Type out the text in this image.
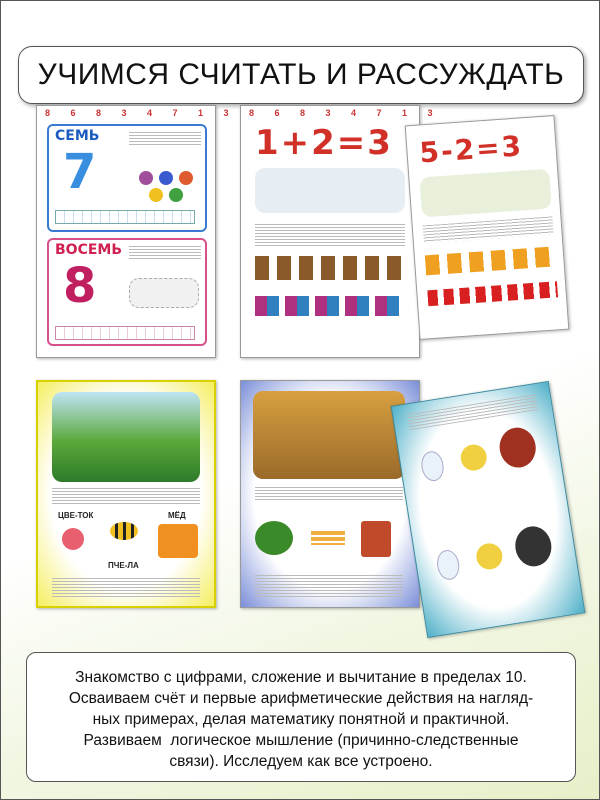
УЧИМСЯ СЧИТАТЬ И РАССУЖДАТЬ
8 6 8 3 4 7 1 3
СЕМЬ
7
ВОСЕМЬ
8
8 6 8 3 4 7 1 3
1+2=3 5-2=3
ЦВЕ-ТОК	МЁД
ПЧЕ-ЛА
Знакомство с цифрами, сложение и вычитание в пределах 10.
Осваиваем счёт и первые арифметические действия на нагляд-
ных примерах, делая математику понятной и практичной.
Развиваем  логическое мышление (причинно-следственные
связи). Исследуем как все устроено.
